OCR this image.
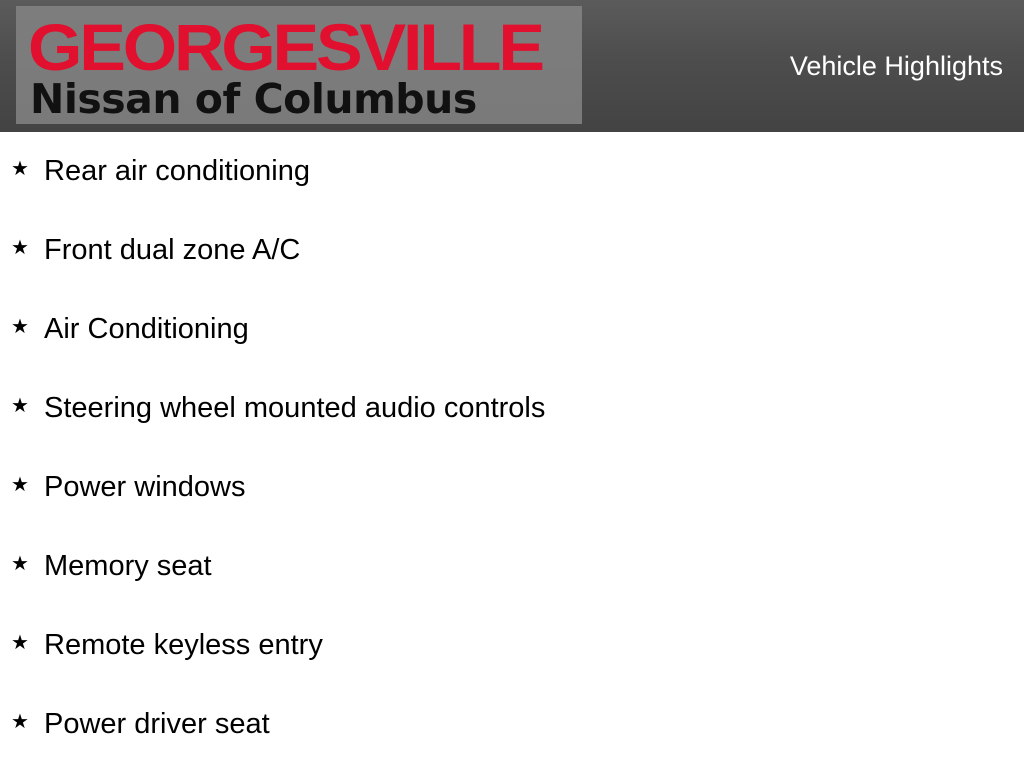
GEORGESVILLE
Nissan of Columbus
Vehicle Highlights
★ Rear air conditioning
★ Front dual zone A/C
★ Air Conditioning
★ Steering wheel mounted audio controls
★ Power windows
★ Memory seat
★ Remote keyless entry
★ Power driver seat
